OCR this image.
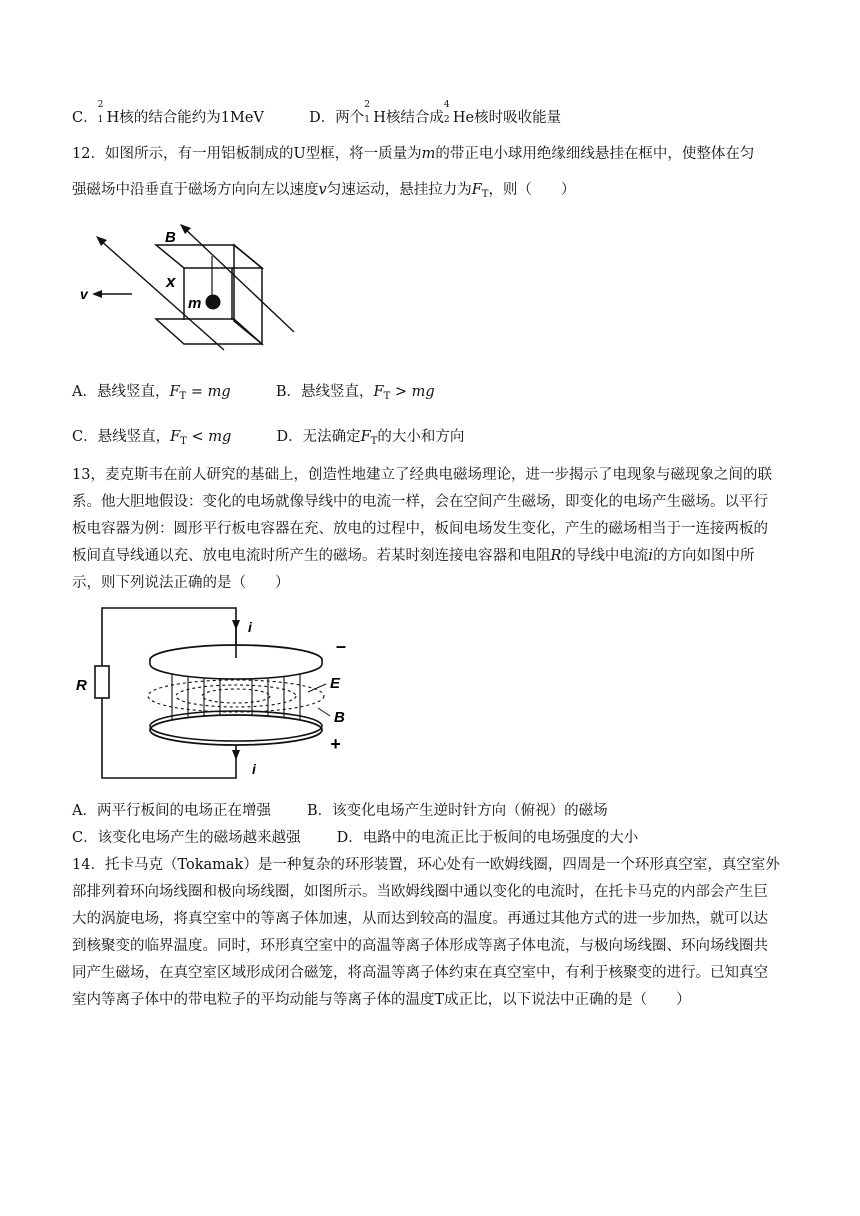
C．
2
1 H核的结合能约为1MeV	D．两个
2
1 H核结合成
4
2 He核时吸收能量
12．如图所示，有一用铝板制成的U型框，将一质量为m的带正电小球用绝缘细线悬挂在框中，使整体在匀
强磁场中沿垂直于磁场方向向左以速度v匀速运动，悬挂拉力为$F_T$，则（　　）
v
B
m
x
A．悬线竖直，$F_T$ = mg	B．悬线竖直，$F_T$ > mg
C．悬线竖直，$F_T$ < mg	D．无法确定$F_T$的大小和方向
13，麦克斯韦在前人研究的基础上，创造性地建立了经典电磁场理论，进一步揭示了电现象与磁现象之间的联
系。他大胆地假设：变化的电场就像导线中的电流一样，会在空间产生磁场，即变化的电场产生磁场。以平行
板电容器为例：圆形平行板电容器在充、放电的过程中，板间电场发生变化，产生的磁场相当于一连接两板的
板间直导线通以充、放电电流时所产生的磁场。若某时刻连接电容器和电阻R的导线中电流i的方向如图中所
示，则下列说法正确的是（　　）
R
i
i
–
E
B
+
A．两平行板间的电场正在增强 B．该变化电场产生逆时针方向（俯视）的磁场
C．该变化电场产生的磁场越来越强 D．电路中的电流正比于板间的电场强度的大小
14．托卡马克（Tokamak）是一种复杂的环形装置，环心处有一欧姆线圈，四周是一个环形真空室，真空室外
部排列着环向场线圈和极向场线圈，如图所示。当欧姆线圈中通以变化的电流时，在托卡马克的内部会产生巨
大的涡旋电场，将真空室中的等离子体加速，从而达到较高的温度。再通过其他方式的进一步加热，就可以达
到核聚变的临界温度。同时，环形真空室中的高温等离子体形成等离子体电流，与极向场线圈、环向场线圈共
同产生磁场，在真空室区域形成闭合磁笼，将高温等离子体约束在真空室中，有利于核聚变的进行。已知真空
室内等离子体中的带电粒子的平均动能与等离子体的温度T成正比，以下说法中正确的是（　　）
